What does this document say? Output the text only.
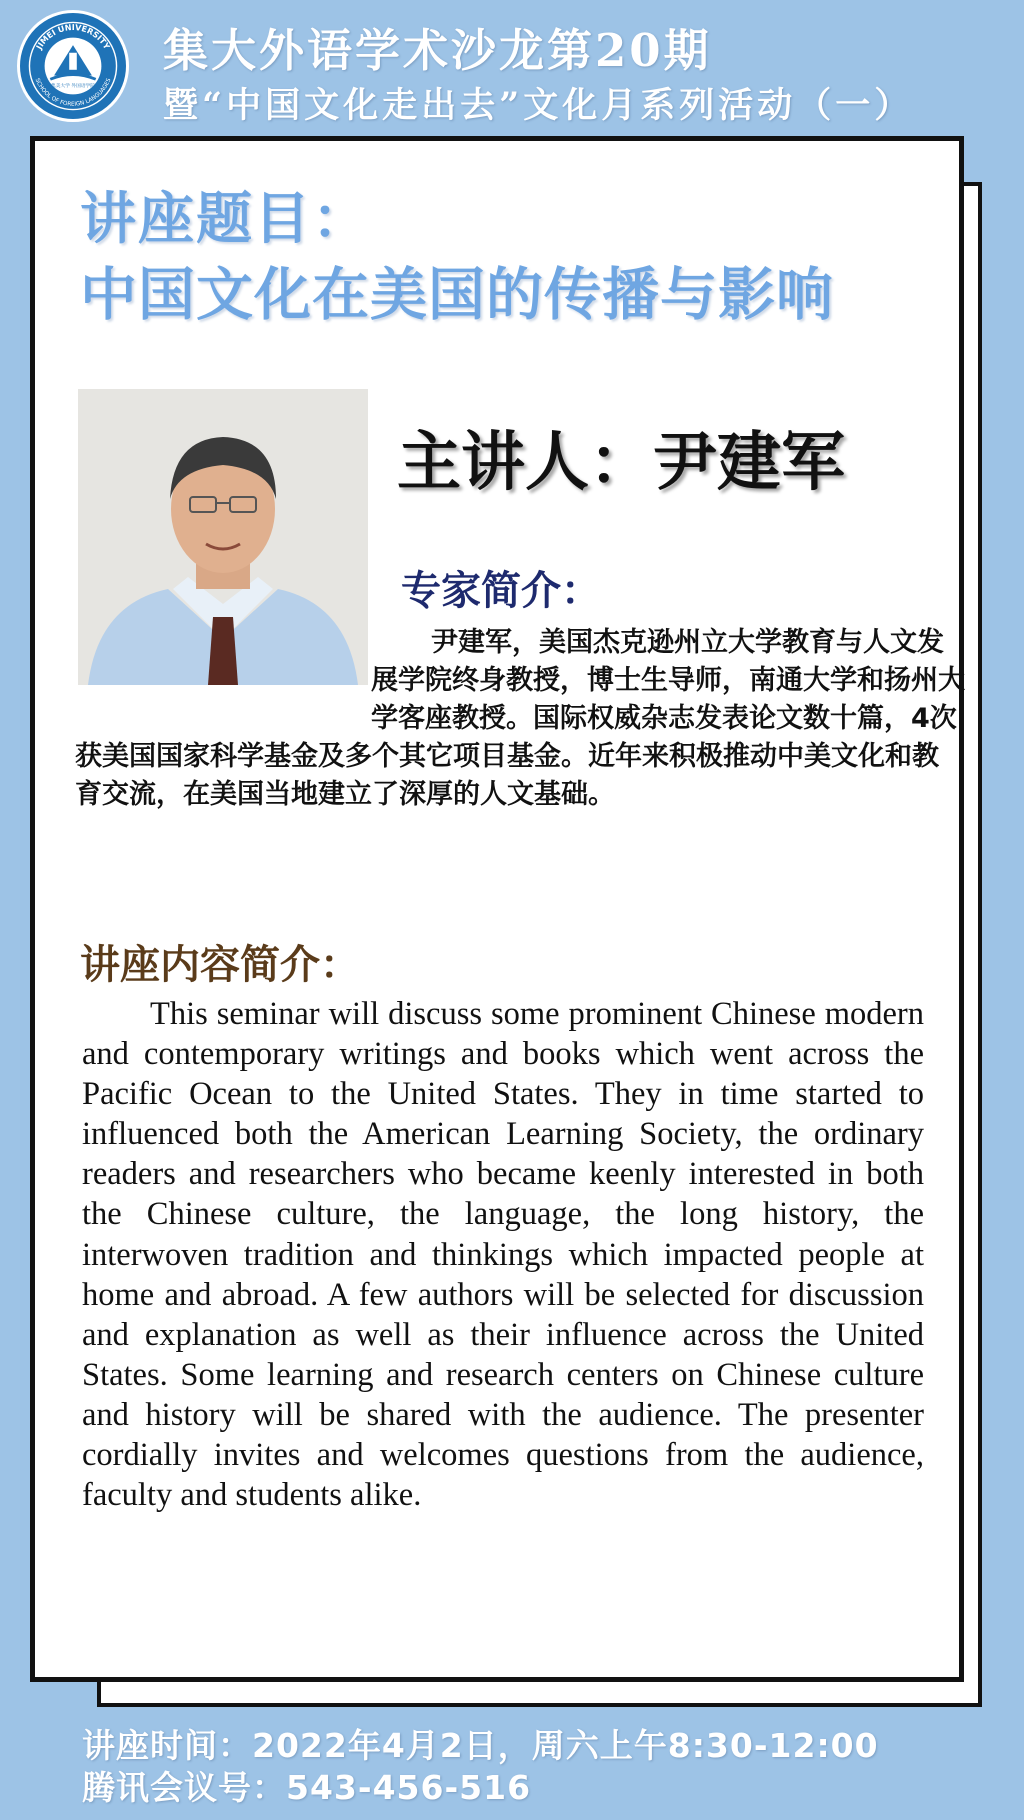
JIMEI UNIVERSITY
SCHOOL OF FOREIGN LANGUAGES
集美大学 外国语学院
集大外语学术沙龙第20期
暨“中国文化走出去”文化月系列活动（一）
讲座题目：
中国文化在美国的传播与影响
主讲人：尹建军
专家简介：
尹建军，美国杰克逊州立大学教育与人文发展学院终身教授，博士生导师，南通大学和扬州大学客座教授。国际权威杂志发表论文数十篇，4次获美国国家科学基金及多个其它项目基金。近年来积极推动中美文化和教育交流，在美国当地建立了深厚的人文基础。
讲座内容简介：
This seminar will discuss some prominent Chinese modern and contemporary writings and books which went across the Pacific Ocean to the United States. They in time started to influenced both the American Learning Society, the ordinary readers and researchers who became keenly interested in both the Chinese culture, the language, the long history, the interwoven tradition and thinkings which impacted people at home and abroad. A few authors will be selected for discussion and explanation as well as their influence across the United States. Some learning and research centers on Chinese culture and history will be shared with the audience. The presenter cordially invites and welcomes questions from the audience, faculty and students alike.
讲座时间：2022年4月2日，周六上午8:30-12:00
腾讯会议号：543-456-516
